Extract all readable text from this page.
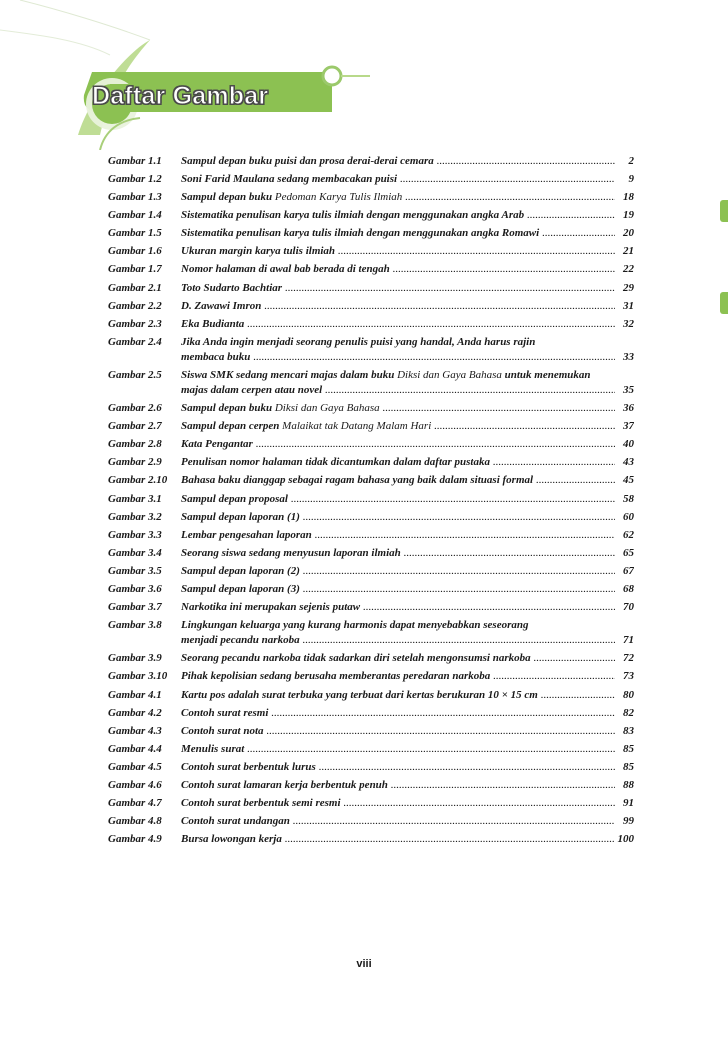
Daftar Gambar
Gambar 1.1	Sampul depan buku puisi dan prosa derai-derai cemara .....	2
Gambar 1.2	Soni Farid Maulana sedang membacakan puisi .....	9
Gambar 1.3	Sampul depan buku Pedoman Karya Tulis Ilmiah .....	18
Gambar 1.4	Sistematika penulisan karya tulis ilmiah dengan menggunakan angka Arab .....	19
Gambar 1.5	Sistematika penulisan karya tulis ilmiah dengan menggunakan angka Romawi .....	20
Gambar 1.6	Ukuran margin karya tulis ilmiah .....	21
Gambar 1.7	Nomor halaman di awal bab berada di tengah .....	22
Gambar 2.1	Toto Sudarto Bachtiar .....	29
Gambar 2.2	D. Zawawi Imron .....	31
Gambar 2.3	Eka Budianta .....	32
Gambar 2.4	Jika Anda ingin menjadi seorang penulis puisi yang handal, Anda harus rajin
membaca buku .....	33
Gambar 2.5	Siswa SMK sedang mencari majas dalam buku Diksi dan Gaya Bahasa untuk menemukan
majas dalam cerpen atau novel .....	35
Gambar 2.6	Sampul depan buku Diksi dan Gaya Bahasa .....	36
Gambar 2.7	Sampul depan cerpen Malaikat tak Datang Malam Hari .....	37
Gambar 2.8	Kata Pengantar .....	40
Gambar 2.9	Penulisan nomor halaman tidak dicantumkan dalam daftar pustaka .....	43
Gambar 2.10	Bahasa baku dianggap sebagai ragam bahasa yang baik dalam situasi formal .....	45
Gambar 3.1	Sampul depan proposal .....	58
Gambar 3.2	Sampul depan laporan (1) .....	60
Gambar 3.3	Lembar pengesahan laporan .....	62
Gambar 3.4	Seorang siswa sedang menyusun laporan ilmiah .....	65
Gambar 3.5	Sampul depan laporan (2) .....	67
Gambar 3.6	Sampul depan laporan (3) .....	68
Gambar 3.7	Narkotika ini merupakan sejenis putaw .....	70
Gambar 3.8	Lingkungan keluarga yang kurang harmonis dapat menyebabkan seseorang
menjadi pecandu narkoba .....	71
Gambar 3.9	Seorang pecandu narkoba tidak sadarkan diri setelah mengonsumsi narkoba .....	72
Gambar 3.10	Pihak kepolisian sedang berusaha memberantas peredaran narkoba .....	73
Gambar 4.1	Kartu pos adalah surat terbuka yang terbuat dari kertas berukuran 10 × 15 cm .....	80
Gambar 4.2	Contoh surat resmi .....	82
Gambar 4.3	Contoh surat nota .....	83
Gambar 4.4	Menulis surat .....	85
Gambar 4.5	Contoh surat berbentuk lurus .....	85
Gambar 4.6	Contoh surat lamaran kerja berbentuk penuh .....	88
Gambar 4.7	Contoh surat berbentuk semi resmi .....	91
Gambar 4.8	Contoh surat undangan .....	99
Gambar 4.9	Bursa lowongan kerja .....	100
viii
